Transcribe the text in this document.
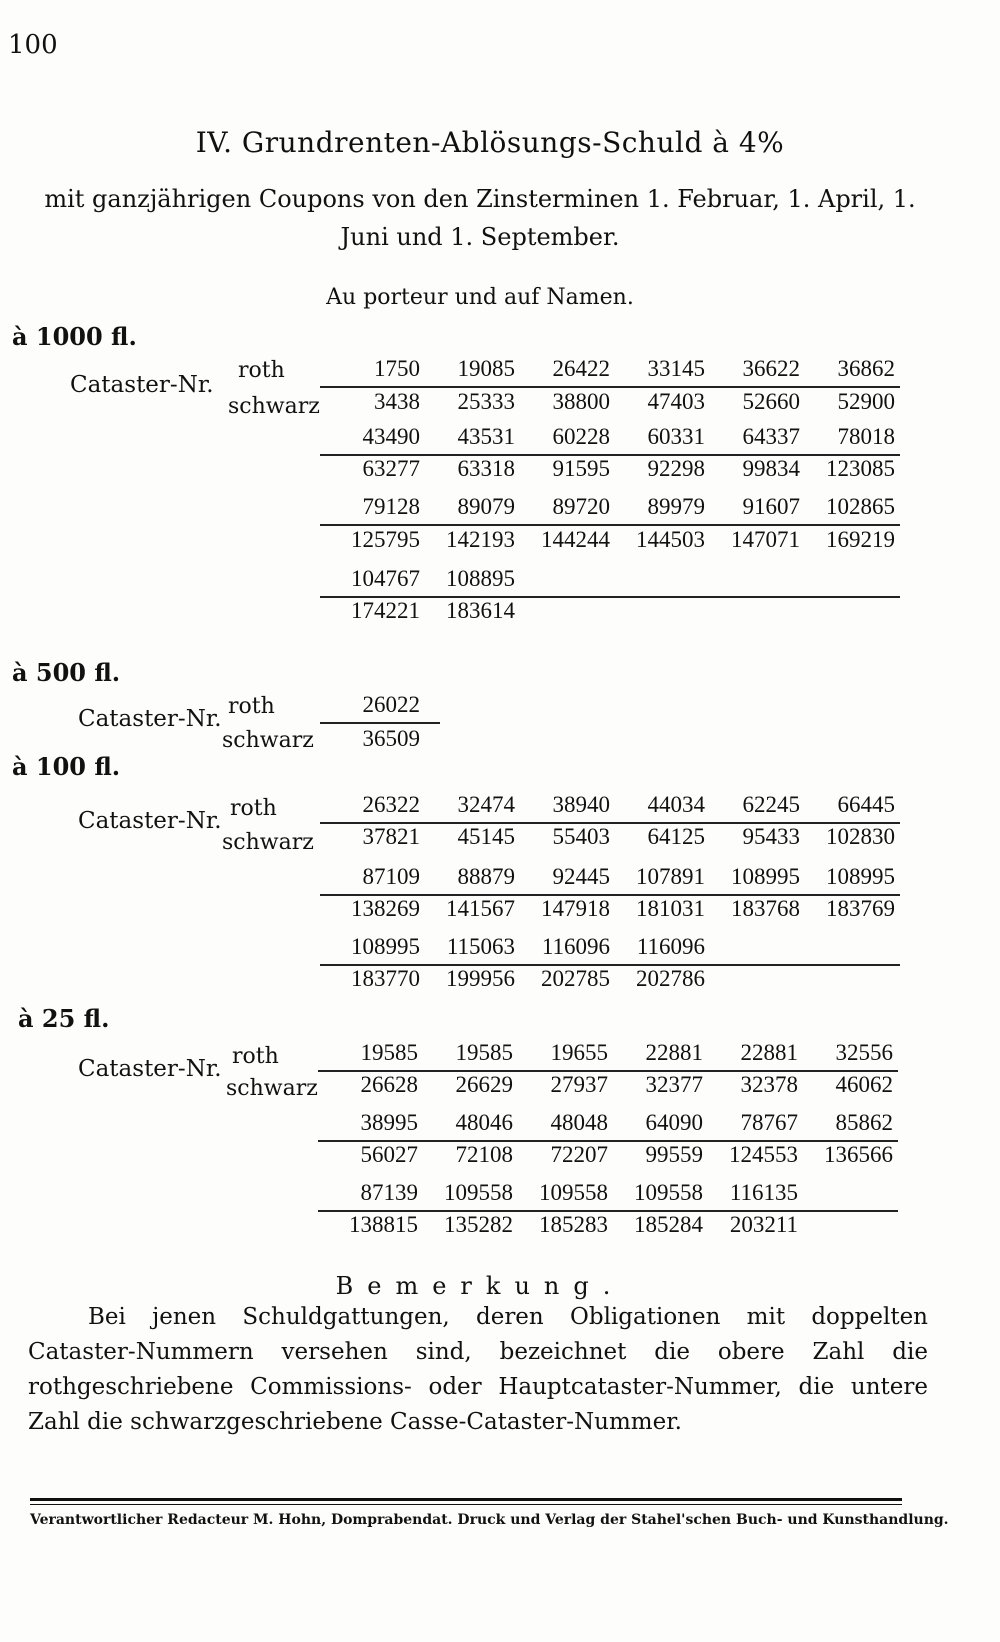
100
IV. Grundrenten-Ablösungs-Schuld à 4%
mit ganzjährigen Coupons von den Zinsterminen 1. Februar, 1. April, 1. Juni und 1. September.
Au porteur und auf Namen.
à 1000 fl.
Cataster-Nr.
roth
schwarz
à 500 fl.
Cataster-Nr. roth
schwarz
à 100 fl.
Cataster-Nr. roth
schwarz
à 25 fl.
Cataster-Nr. roth
schwarz
1750	19085	26422	33145	36622	36862
3438	25333	38800	47403	52660	52900
43490	43531	60228	60331	64337	78018
63277	63318	91595	92298	99834	123085
79128	89079	89720	89979	91607	102865
125795	142193	144244	144503	147071	169219
104767	108895
174221	183614
26022
36509
26322	32474	38940	44034	62245	66445
37821	45145	55403	64125	95433	102830
87109	88879	92445	107891	108995	108995
138269	141567	147918	181031	183768	183769
108995	115063	116096	116096
183770	199956	202785	202786
19585	19585	19655	22881	22881	32556
26628	26629	27937	32377	32378	46062
38995	48046	48048	64090	78767	85862
56027	72108	72207	99559	124553	136566
87139	109558	109558	109558	116135
138815	135282	185283	185284	203211
Bemerkung.
Bei jenen Schuldgattungen, deren Obligationen mit doppelten Cataster-Nummern versehen sind, bezeichnet die obere Zahl die rothgeschriebene Commissions- oder Hauptcataster-Nummer, die untere Zahl die schwarzgeschriebene Casse-Cataster-Nummer.
Verantwortlicher Redacteur M. Hohn, Domprabendat. Druck und Verlag der Stahel'schen Buch- und Kunsthandlung.
